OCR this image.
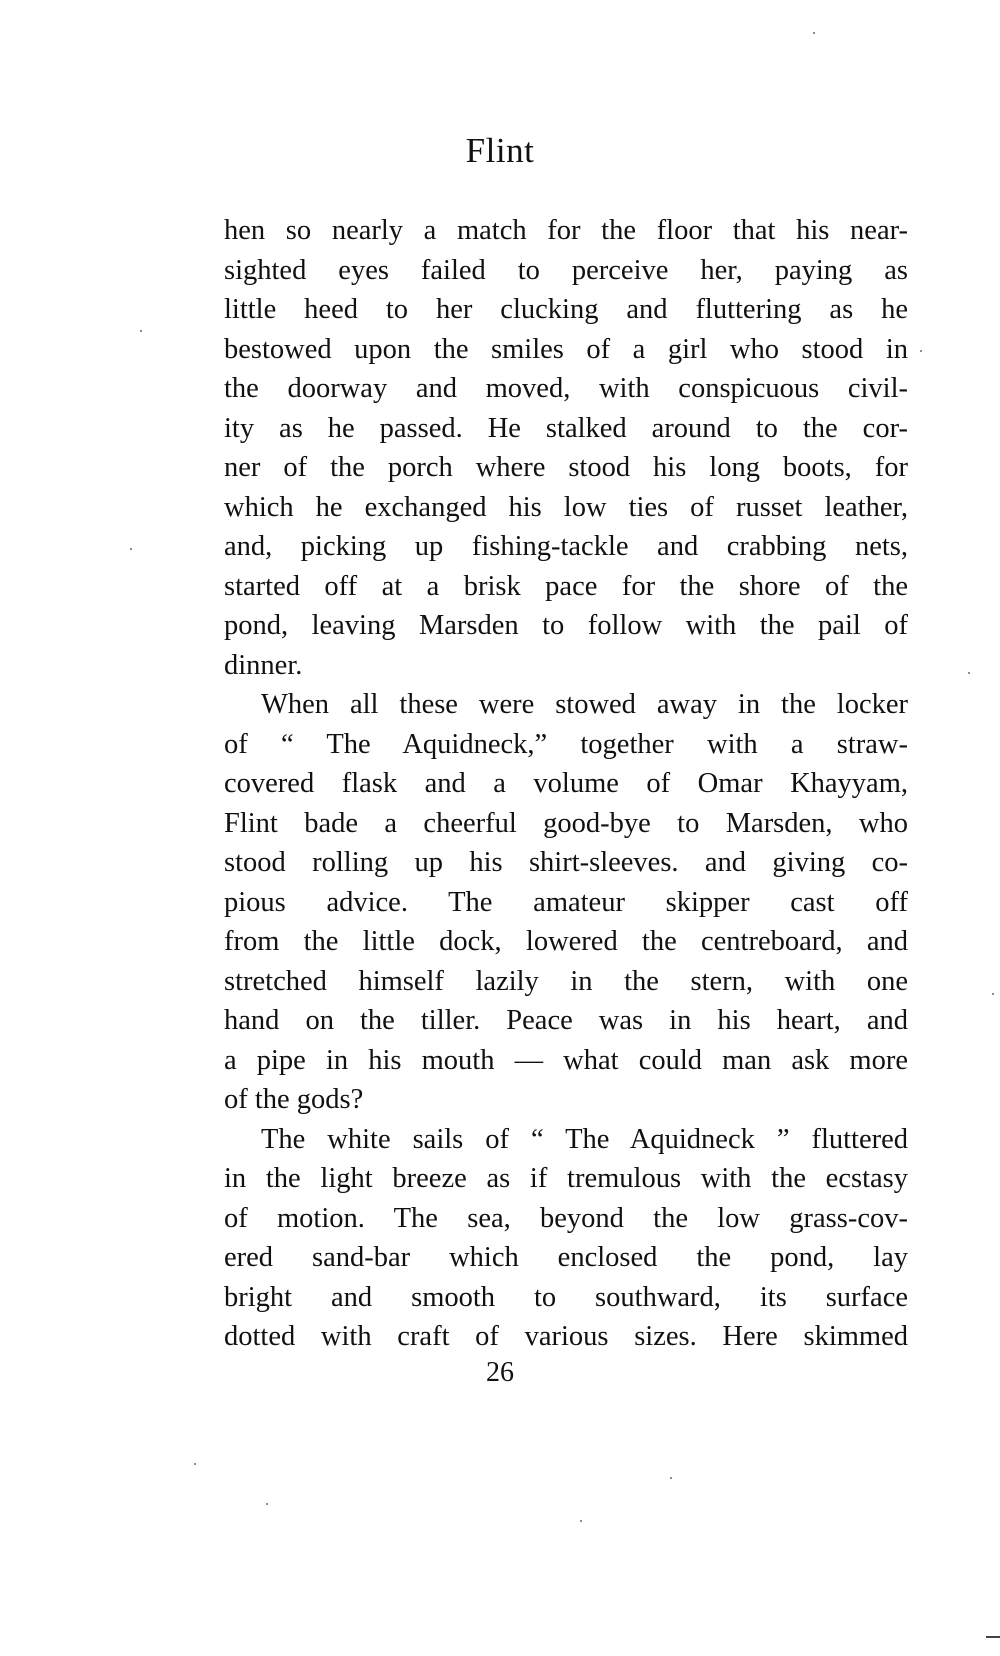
Flint

hen so nearly a match for the floor that his near-
sighted eyes failed to perceive her, paying as
little heed to her clucking and fluttering as he
bestowed upon the smiles of a girl who stood in
the doorway and moved, with conspicuous civil-
ity as he passed. He stalked around to the cor-
ner of the porch where stood his long boots, for
which he exchanged his low ties of russet leather,
and, picking up fishing-tackle and crabbing nets,
started off at a brisk pace for the shore of the
pond, leaving Marsden to follow with the pail of
dinner.

When all these were stowed away in the locker
of “ The Aquidneck,” together with a straw-
covered flask and a volume of Omar Khayyam,
Flint bade a cheerful good-bye to Marsden, who
stood rolling up his shirt-sleeves. and giving co-
pious advice. The amateur skipper cast off
from the little dock, lowered the centreboard, and
stretched himself lazily in the stern, with one
hand on the tiller. Peace was in his heart, and
a pipe in his mouth — what could man ask more
of the gods?

The white sails of “ The Aquidneck ” fluttered
in the light breeze as if tremulous with the ecstasy
of motion. The sea, beyond the low grass-cov-
ered sand-bar which enclosed the pond, lay
bright and smooth to southward, its surface
dotted with craft of various sizes. Here skimmed

26
